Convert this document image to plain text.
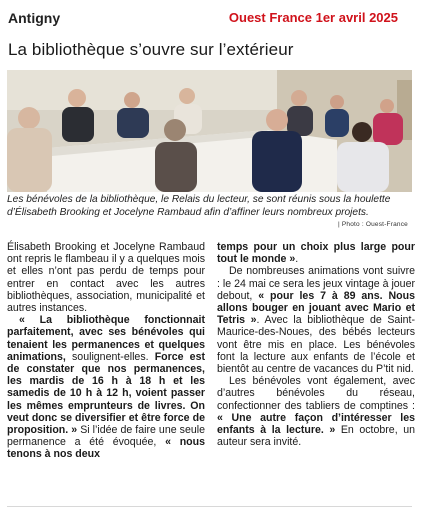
Antigny	Ouest France 1er avril 2025
La bibliothèque s’ouvre sur l’extérieur
Les bénévoles de la bibliothèque, le Relais du lecteur, se sont réunis sous la houlette d’Élisabeth Brooking et Jocelyne Rambaud afin d’affiner leurs nombreux projets.
| Photo : Ouest-France

Élisabeth Brooking et Jocelyne Rambaud ont repris le flambeau il y a quelques mois et elles n’ont pas perdu de temps pour entrer en contact avec les autres bibliothèques, association, municipalité et autres instances.

« La bibliothèque fonctionnait parfaitement, avec ses bénévoles qui tenaient les permanences et quelques animations, soulignent-elles. Force est de constater que nos permanences, les mardis de 16 h à 18 h et les samedis de 10 h à 12 h, voient passer les mêmes emprunteurs de livres. On veut donc se diversifier et être force de proposition. » Si l’idée de faire une seule permanence a été évoquée, « nous tenons à nos deux

temps pour un choix plus large pour tout le monde ».

De nombreuses animations vont suivre : le 24 mai ce sera les jeux vintage à jouer debout, « pour les 7 à 89 ans. Nous allons bouger en jouant avec Mario et Tetris ». Avec la bibliothèque de Saint-Maurice-des-Noues, des bébés lecteurs vont être mis en place. Les bénévoles font la lecture aux enfants de l’école et bientôt au centre de vacances du P’tit nid.

Les bénévoles vont également, avec d’autres bénévoles du réseau, confectionner des tabliers de comptines : « Une autre façon d’intéresser les enfants à la lecture. » En octobre, un auteur sera invité.
